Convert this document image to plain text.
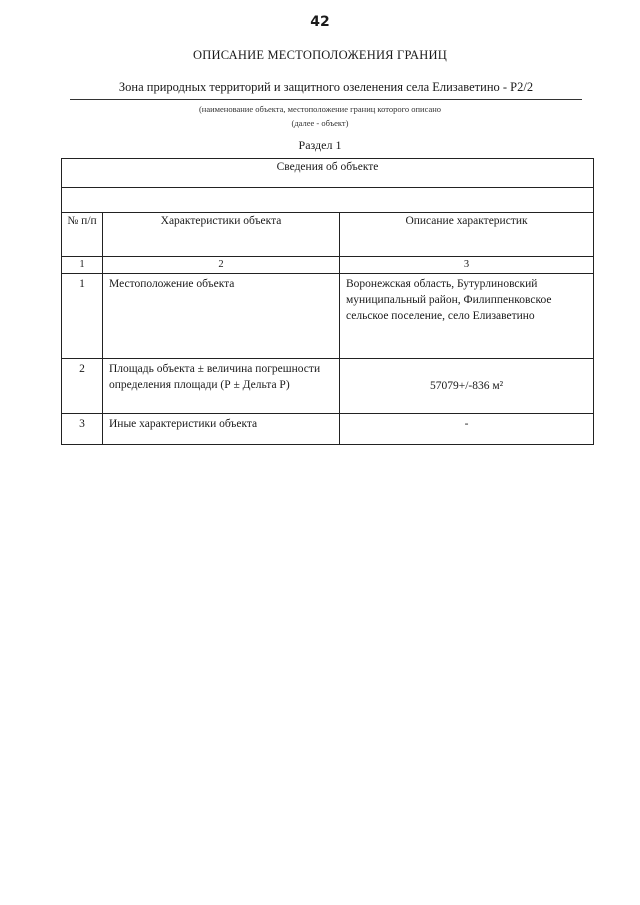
42
ОПИСАНИЕ МЕСТОПОЛОЖЕНИЯ ГРАНИЦ
Зона природных территорий и защитного озеленения села Елизаветино - Р2/2
(наименование объекта, местоположение границ которого описано
(далее - объект)
Раздел 1
Сведения об объекте		

№ п/п	Характеристики объекта	Описание характеристик
1	2	3
1	Местоположение объекта	Воронежская область, Бутурлиновский муниципальный район, Филиппенковское сельское поселение, село Елизаветино
2	Площадь объекта ± величина погрешности определения площади (Р ± Дельта Р)	57079+/-836 м²
3	Иные характеристики объекта	-
